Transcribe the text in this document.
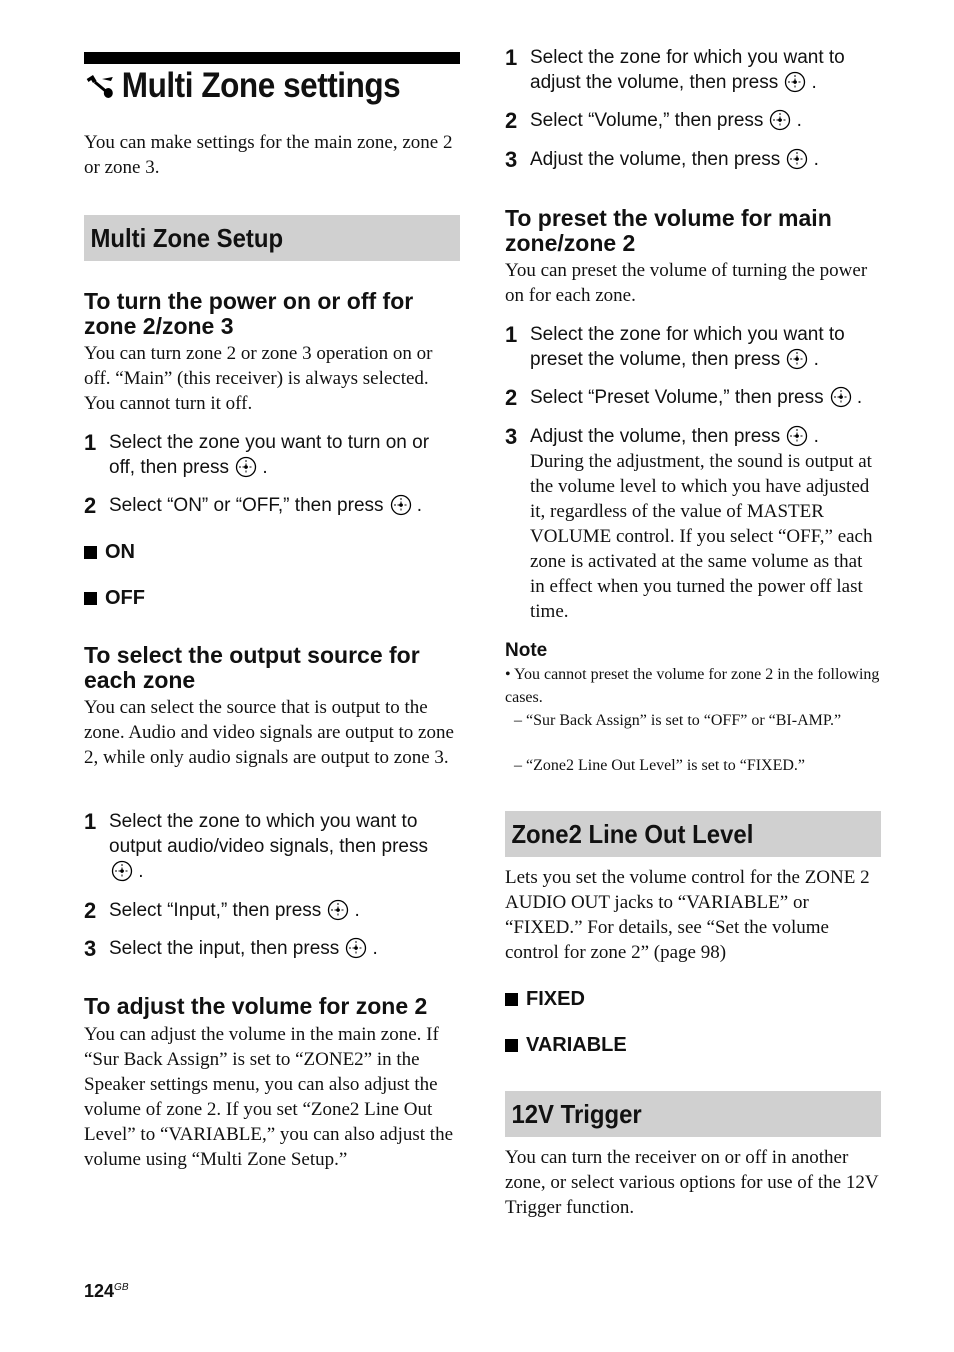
Multi Zone settings

You can make settings for the main zone, zone 2 or zone 3.

Multi Zone Setup
To turn the power on or off for zone 2/zone 3

You can turn zone 2 or zone 3 operation on or off. “Main” (this receiver) is always selected. You cannot turn it off.

1 Select the zone you want to turn on or off, then press .
2 Select “ON” or “OFF,” then press .
ON
OFF
To select the output source for each zone

You can select the source that is output to the zone. Audio and video signals are output to zone 2, while only audio signals are output to zone 3.

1 Select the zone to which you want to output audio/video signals, then press
.
2 Select “Input,” then press .
3 Select the input, then press .
To adjust the volume for zone 2

You can adjust the volume in the main zone. If “Sur Back Assign” is set to “ZONE2” in the Speaker settings menu, you can also adjust the volume of zone 2. If you set “Zone2 Line Out Level” to “VARIABLE,” you can also adjust the volume using “Multi Zone Setup.”

1 Select the zone for which you want to adjust the volume, then press .
2 Select “Volume,” then press .
3 Adjust the volume, then press .
To preset the volume for main zone/zone 2

You can preset the volume of turning the power on for each zone.

1 Select the zone for which you want to preset the volume, then press .
2 Select “Preset Volume,” then press .
3 Adjust the volume, then press .
During the adjustment, the sound is output at the volume level to which you have adjusted it, regardless of the value of MASTER VOLUME control. If you select “OFF,” each zone is activated at the same volume as that in effect when you turned the power off last time.
Note
• You cannot preset the volume for zone 2 in the following cases.
– “Sur Back Assign” is set to “OFF” or “BI-AMP.”
– “Zone2 Line Out Level” is set to “FIXED.”
Zone2 Line Out Level

Lets you set the volume control for the ZONE 2 AUDIO OUT jacks to “VARIABLE” or “FIXED.” For details, see “Set the volume control for zone 2” (page 98)

FIXED
VARIABLE
12V Trigger

You can turn the receiver on or off in another zone, or select various options for use of the 12V Trigger function.

$124^{GB}$
